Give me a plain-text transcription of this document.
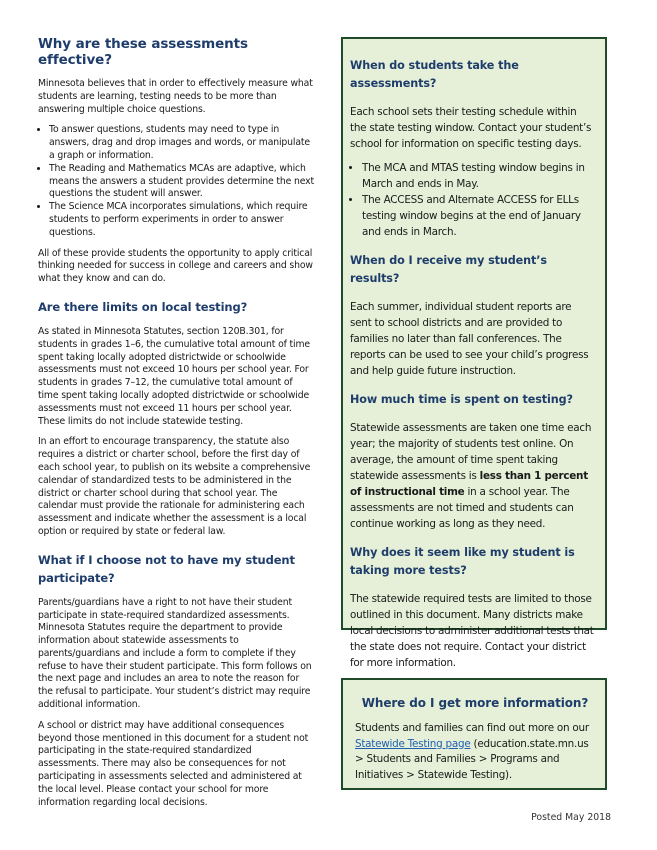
Why are these assessments effective?

Minnesota believes that in order to effectively measure what students are learning, testing needs to be more than answering multiple choice questions.

• To answer questions, students may need to type in answers, drag and drop images and words, or manipulate a graph or information.
• The Reading and Mathematics MCAs are adaptive, which means the answers a student provides determine the next questions the student will answer.
• The Science MCA incorporates simulations, which require students to perform experiments in order to answer questions.

All of these provide students the opportunity to apply critical thinking needed for success in college and careers and show what they know and can do.

Are there limits on local testing?

As stated in Minnesota Statutes, section 120B.301, for students in grades 1–6, the cumulative total amount of time spent taking locally adopted districtwide or schoolwide assessments must not exceed 10 hours per school year. For students in grades 7–12, the cumulative total amount of time spent taking locally adopted districtwide or schoolwide assessments must not exceed 11 hours per school year. These limits do not include statewide testing.

In an effort to encourage transparency, the statute also requires a district or charter school, before the first day of each school year, to publish on its website a comprehensive calendar of standardized tests to be administered in the district or charter school during that school year. The calendar must provide the rationale for administering each assessment and indicate whether the assessment is a local option or required by state or federal law.

What if I choose not to have my student participate?

Parents/guardians have a right to not have their student participate in state-required standardized assessments. Minnesota Statutes require the department to provide information about statewide assessments to parents/guardians and include a form to complete if they refuse to have their student participate. This form follows on the next page and includes an area to note the reason for the refusal to participate. Your student’s district may require additional information.

A school or district may have additional consequences beyond those mentioned in this document for a student not participating in the state-required standardized assessments. There may also be consequences for not participating in assessments selected and administered at the local level. Please contact your school for more information regarding local decisions.

When do students take the assessments?

Each school sets their testing schedule within the state testing window. Contact your student’s school for information on specific testing days.

• The MCA and MTAS testing window begins in March and ends in May.
• The ACCESS and Alternate ACCESS for ELLs testing window begins at the end of January and ends in March.
When do I receive my student’s results?

Each summer, individual student reports are sent to school districts and are provided to families no later than fall conferences. The reports can be used to see your child’s progress and help guide future instruction.

How much time is spent on testing?

Statewide assessments are taken one time each year; the majority of students test online. On average, the amount of time spent taking statewide assessments is less than 1 percent of instructional time in a school year. The assessments are not timed and students can continue working as long as they need.

Why does it seem like my student is taking more tests?

The statewide required tests are limited to those outlined in this document. Many districts make local decisions to administer additional tests that the state does not require. Contact your district for more information.

Where do I get more information?

Students and families can find out more on our Statewide Testing page (education.state.mn.us > Students and Families > Programs and Initiatives > Statewide Testing).

Posted May 2018
